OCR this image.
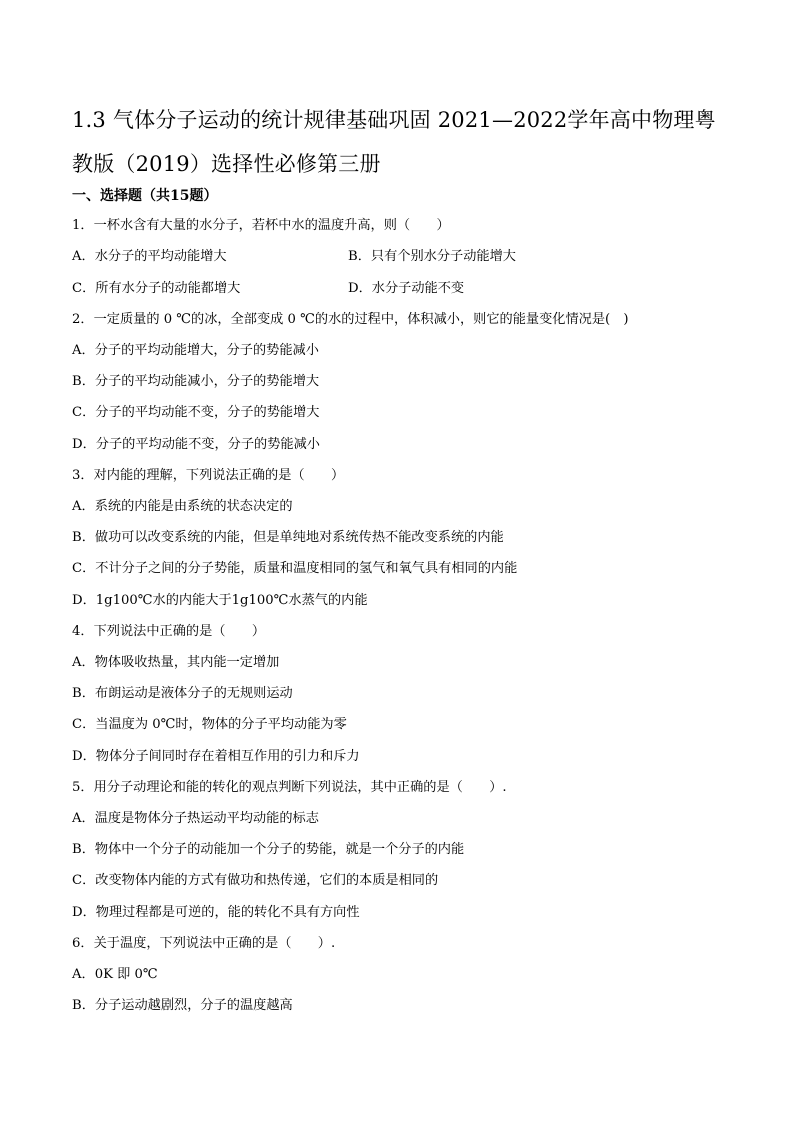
1.3 气体分子运动的统计规律基础巩固 2021—2022学年高中物理粤教版（2019）选择性必修第三册
一、选择题（共15题）
1．一杯水含有大量的水分子，若杯中水的温度升高，则（　　）
A．水分子的平均动能增大	B．只有个别水分子动能增大
C．所有水分子的动能都增大	D．水分子动能不变
2．一定质量的 0 ℃的冰，全部变成 0 ℃的水的过程中，体积减小，则它的能量变化情况是(　)
A．分子的平均动能增大，分子的势能减小
B．分子的平均动能减小，分子的势能增大
C．分子的平均动能不变，分子的势能增大
D．分子的平均动能不变，分子的势能减小
3．对内能的理解，下列说法正确的是（　　）
A．系统的内能是由系统的状态决定的
B．做功可以改变系统的内能，但是单纯地对系统传热不能改变系统的内能
C．不计分子之间的分子势能，质量和温度相同的氢气和氧气具有相同的内能
D．1g100℃水的内能大于1g100℃水蒸气的内能
4．下列说法中正确的是（　　）
A．物体吸收热量，其内能一定增加
B．布朗运动是液体分子的无规则运动
C．当温度为 0℃时，物体的分子平均动能为零
D．物体分子间同时存在着相互作用的引力和斥力
5．用分子动理论和能的转化的观点判断下列说法，其中正确的是（　　）.
A．温度是物体分子热运动平均动能的标志
B．物体中一个分子的动能加一个分子的势能，就是一个分子的内能
C．改变物体内能的方式有做功和热传递，它们的本质是相同的
D．物理过程都是可逆的，能的转化不具有方向性
6．关于温度，下列说法中正确的是（　　）.
A．0K 即 0℃
B．分子运动越剧烈，分子的温度越高
